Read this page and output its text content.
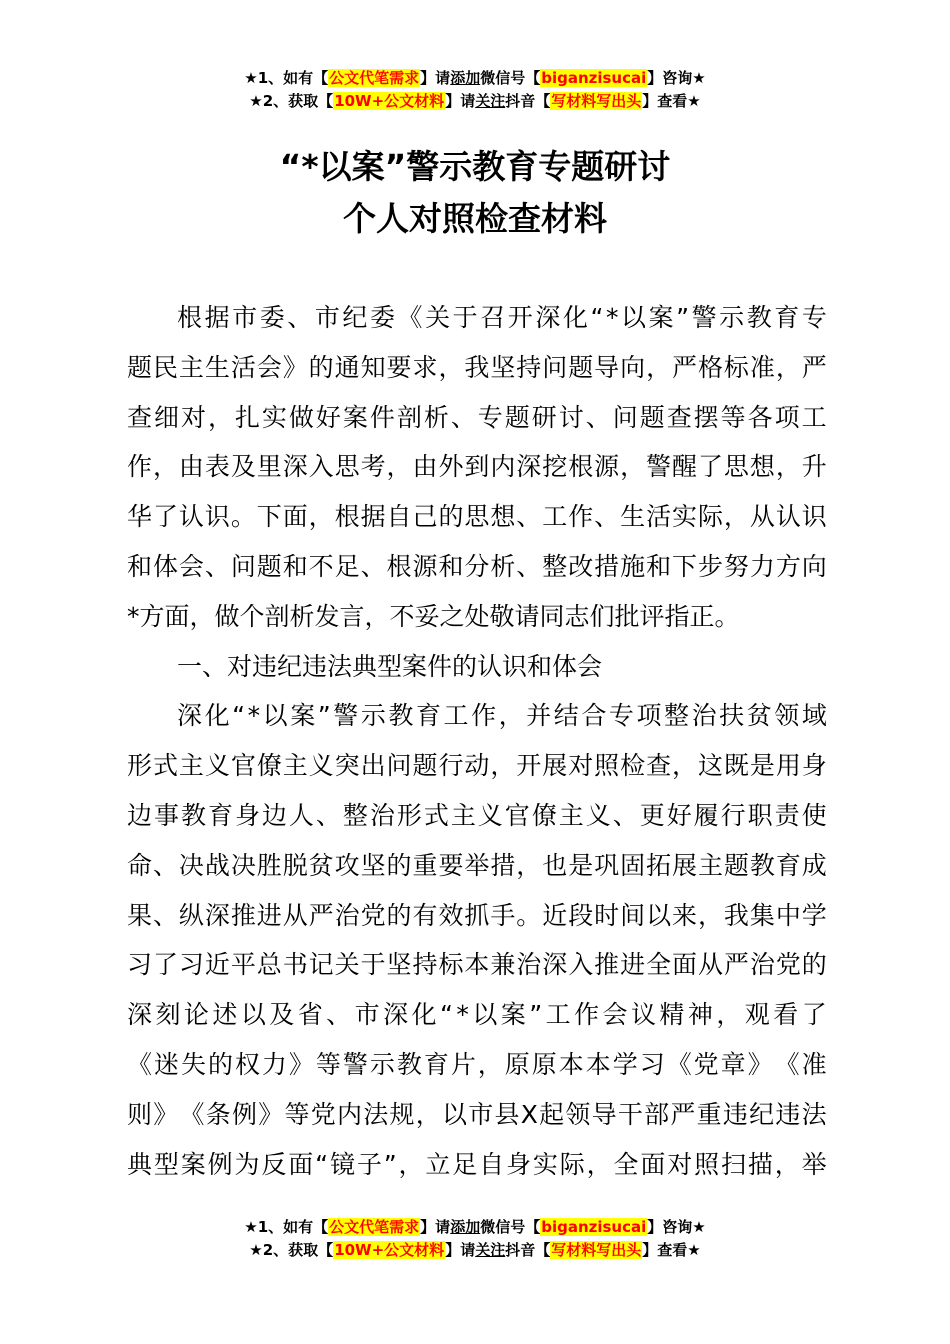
★1、如有【公文代笔需求】请添加微信号【biganzisucai】咨询★
★2、获取【10W+公文材料】请关注抖音【写材料写出头】查看★
“*以案”警示教育专题研讨
个人对照检查材料
根 据 市 委 、 市 纪 委 《 关 于 召 开 深 化 “ * 以 案 ” 警 示 教 育 专
题 民 主 生 活 会 》 的 通 知 要 求 ， 我 坚 持 问 题 导 向 ， 严 格 标 准 ， 严
查 细 对 ， 扎 实 做 好 案 件 剖 析 、 专 题 研 讨 、 问 题 查 摆 等 各 项 工
作 ， 由 表 及 里 深 入 思 考 ， 由 外 到 内 深 挖 根 源 ， 警 醒 了 思 想 ， 升
华 了 认 识 。 下 面 ， 根 据 自 己 的 思 想 、 工 作 、 生 活 实 际 ， 从 认 识
和 体 会 、 问 题 和 不 足 、 根 源 和 分 析 、 整 改 措 施 和 下 步 努 力 方 向
*方面，做个剖析发言，不妥之处敬请同志们批评指正。
一、对违纪违法典型案件的认识和体会
深 化 “ * 以 案 ” 警 示 教 育 工 作 ， 并 结 合 专 项 整 治 扶 贫 领 域
形 式 主 义 官 僚 主 义 突 出 问 题 行 动 ， 开 展 对 照 检 查 ， 这 既 是 用 身
边 事 教 育 身 边 人 、 整 治 形 式 主 义 官 僚 主 义 、 更 好 履 行 职 责 使
命 、 决 战 决 胜 脱 贫 攻 坚 的 重 要 举 措 ， 也 是 巩 固 拓 展 主 题 教 育 成
果 、 纵 深 推 进 从 严 治 党 的 有 效 抓 手 。 近 段 时 间 以 来 ， 我 集 中 学
习 了 习 近 平 总 书 记 关 于 坚 持 标 本 兼 治 深 入 推 进 全 面 从 严 治 党 的
深 刻 论 述 以 及 省 、 市 深 化 “ * 以 案 ” 工 作 会 议 精 神 ， 观 看 了
《 迷 失 的 权 力 》 等 警 示 教 育 片 ， 原 原 本 本 学 习 《 党 章 》 《 准
则 》 《 条 例 》 等 党 内 法 规 ， 以 市 县 X 起 领 导 干 部 严 重 违 纪 违 法
典 型 案 例 为 反 面 “ 镜 子 ” ， 立 足 自 身 实 际 ， 全 面 对 照 扫 描 ， 举
★1、如有【公文代笔需求】请添加微信号【biganzisucai】咨询★
★2、获取【10W+公文材料】请关注抖音【写材料写出头】查看★
